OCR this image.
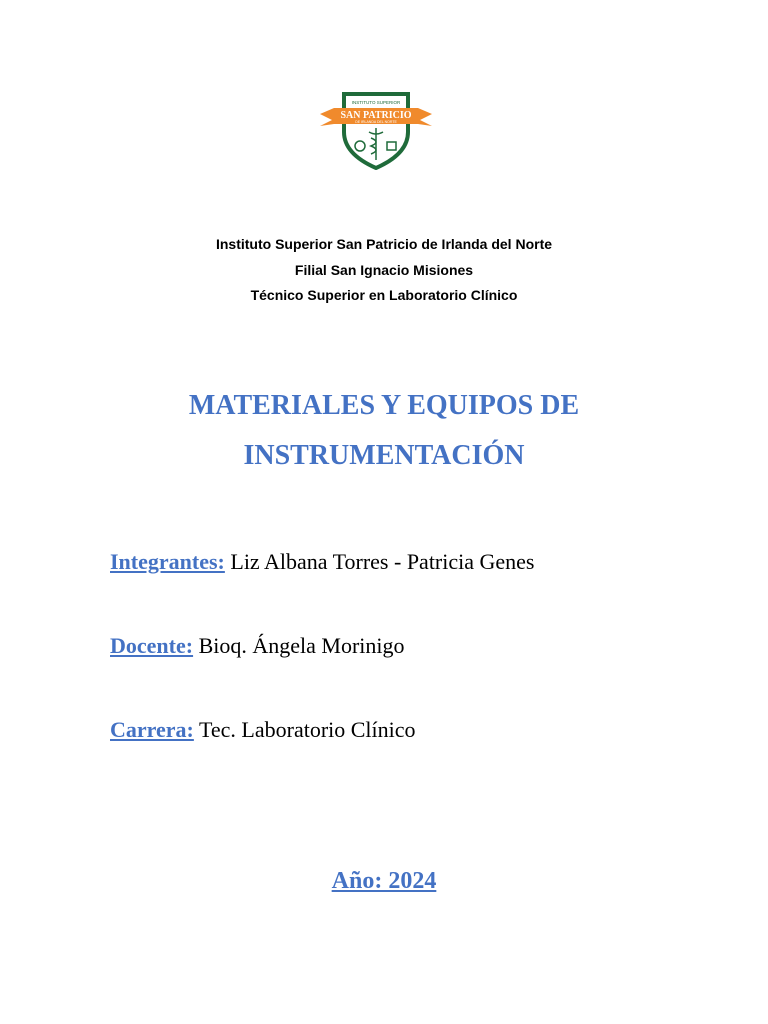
INSTITUTO SUPERIOR
SAN PATRICIO
DE IRLANDA DEL NORTE
Instituto Superior San Patricio de Irlanda del Norte
Filial San Ignacio Misiones
Técnico Superior en Laboratorio Clínico
MATERIALES Y EQUIPOS DE
INSTRUMENTACIÓN
Integrantes: Liz Albana Torres - Patricia Genes
Docente: Bioq. Ángela Morinigo
Carrera: Tec. Laboratorio Clínico
Año: 2024
